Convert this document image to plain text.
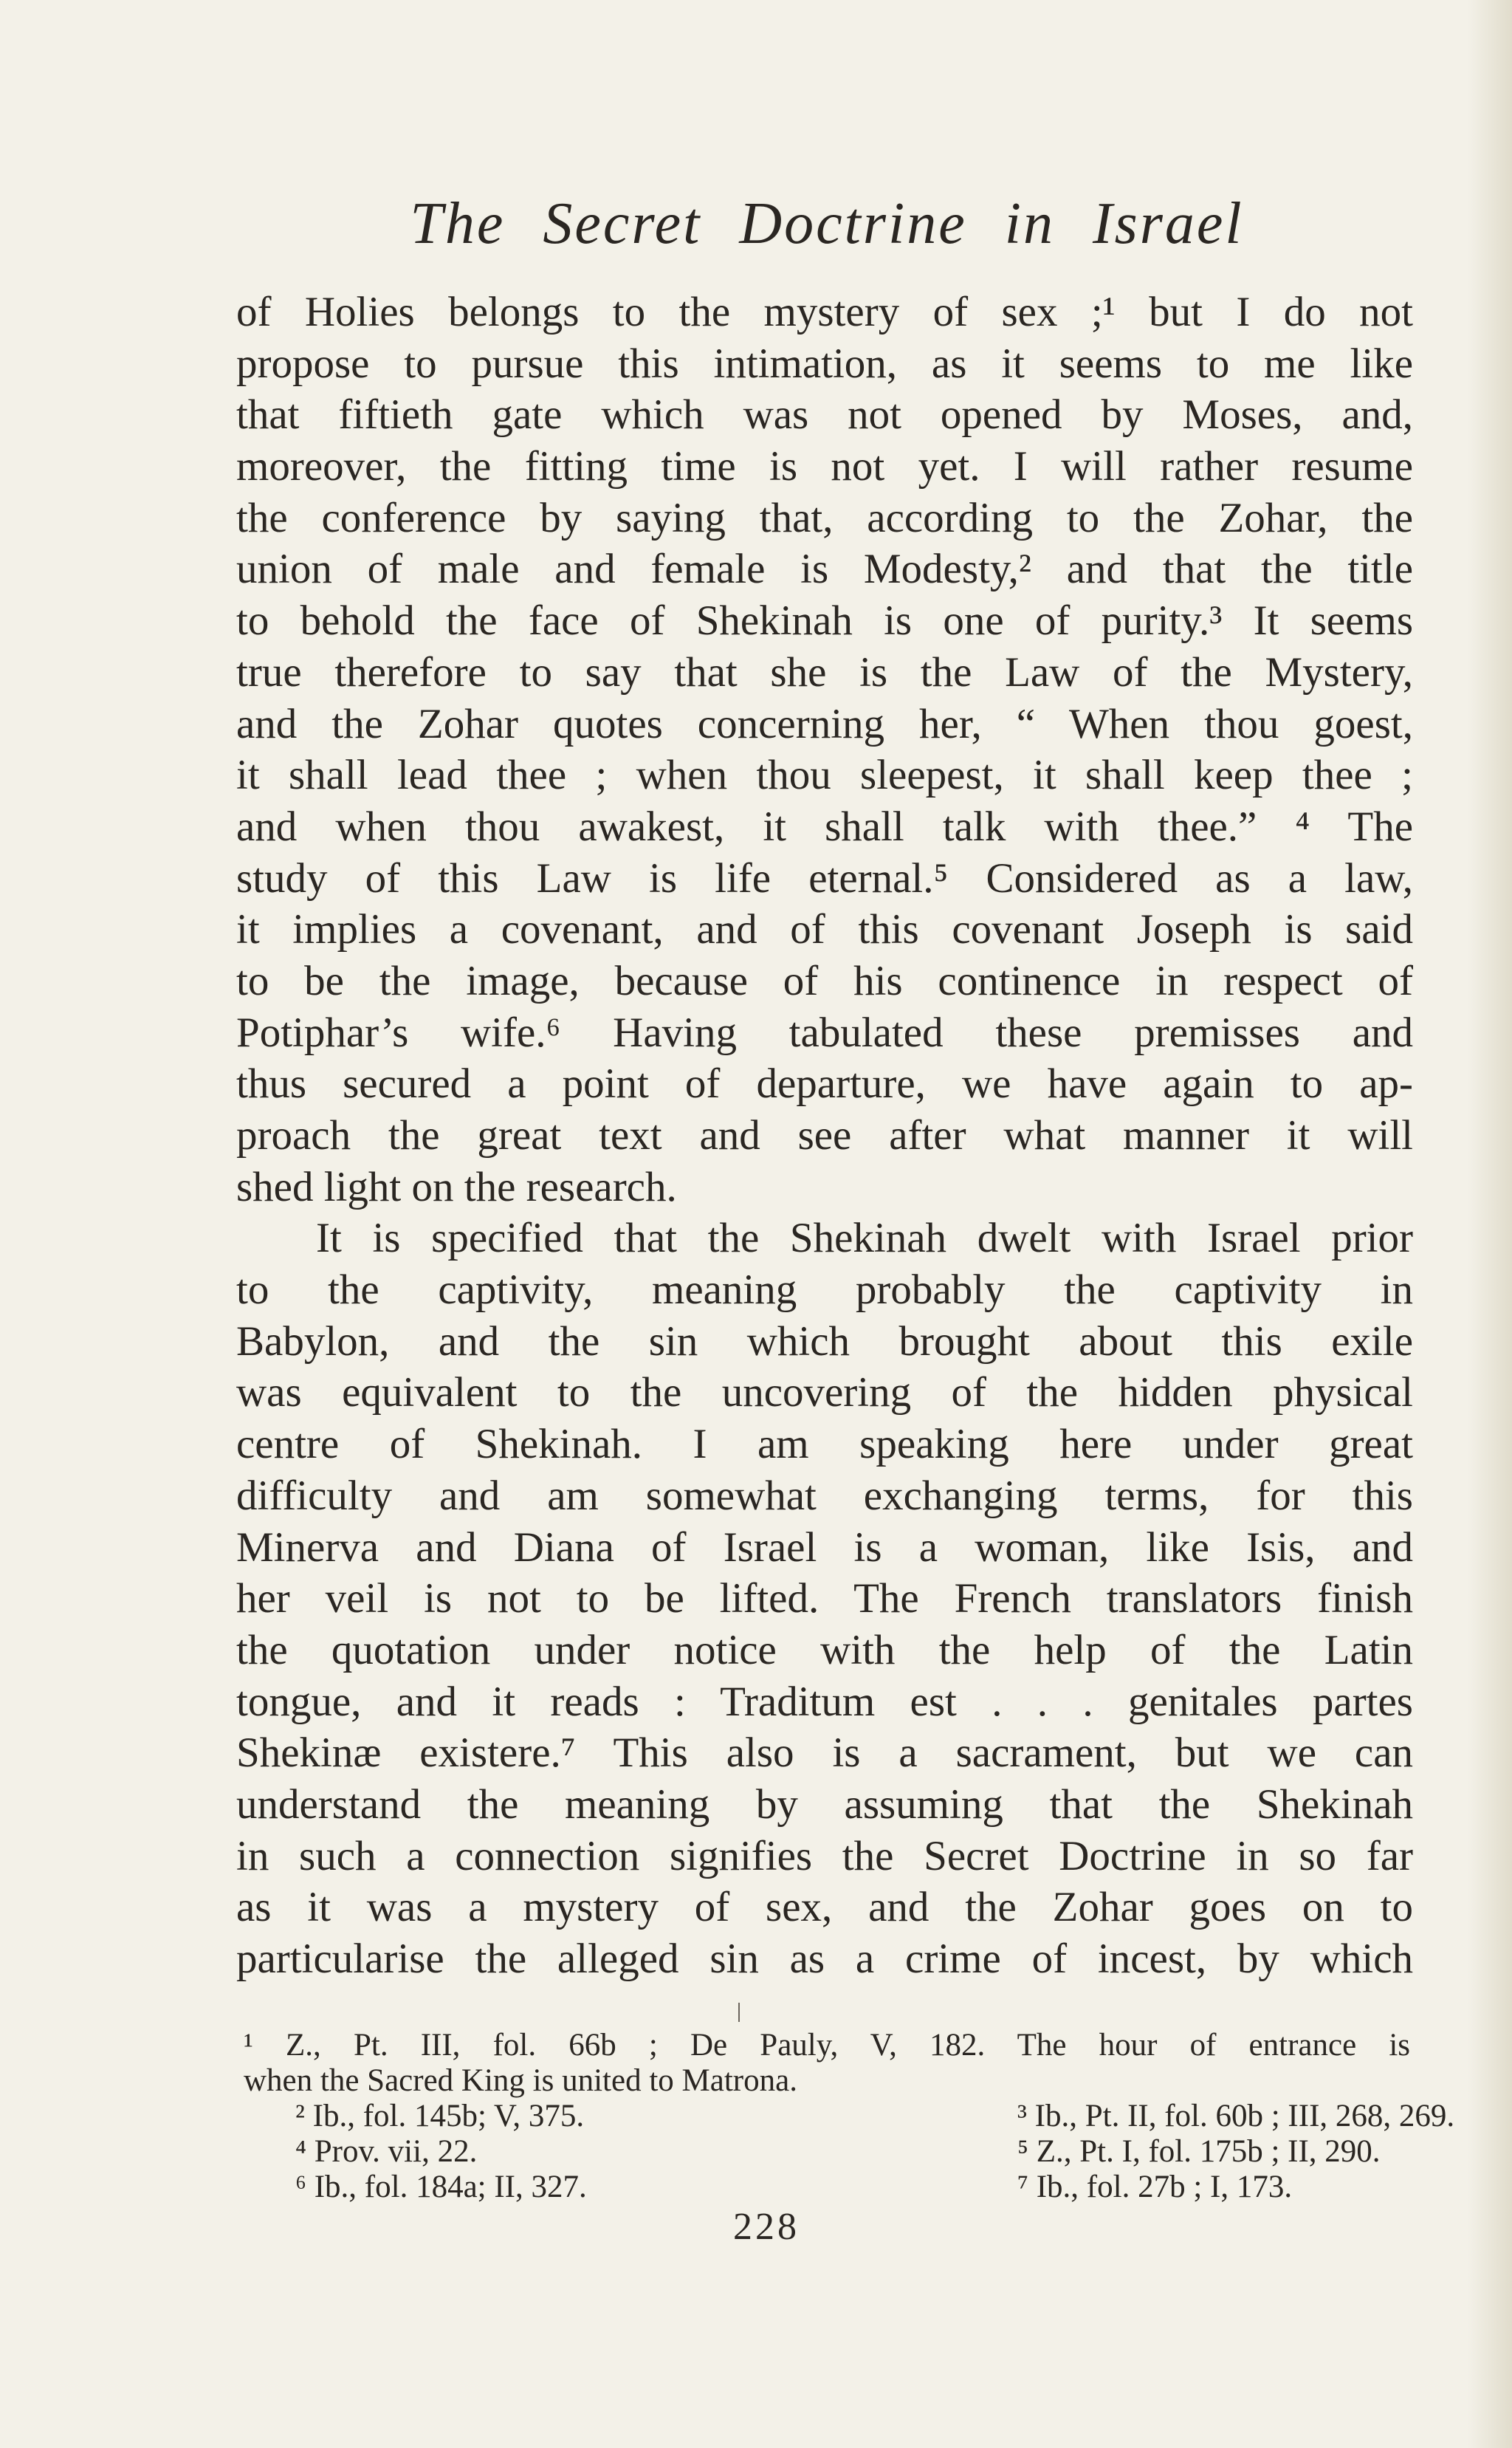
The Secret Doctrine in Israel
of Holies belongs to the mystery of sex ;¹ but I do not
propose to pursue this intimation, as it seems to me like
that fiftieth gate which was not opened by Moses, and,
moreover, the fitting time is not yet. I will rather resume
the conference by saying that, according to the Zohar, the
union of male and female is Modesty,² and that the title
to behold the face of Shekinah is one of purity.³ It seems
true therefore to say that she is the Law of the Mystery,
and the Zohar quotes concerning her, “ When thou goest,
it shall lead thee ; when thou sleepest, it shall keep thee ;
and when thou awakest, it shall talk with thee.” ⁴ The
study of this Law is life eternal.⁵ Considered as a law,
it implies a covenant, and of this covenant Joseph is said
to be the image, because of his continence in respect of
Potiphar’s wife.⁶ Having tabulated these premisses and
thus secured a point of departure, we have again to ap-
proach the great text and see after what manner it will
shed light on the research.
It is specified that the Shekinah dwelt with Israel prior
to the captivity, meaning probably the captivity in
Babylon, and the sin which brought about this exile
was equivalent to the uncovering of the hidden physical
centre of Shekinah. I am speaking here under great
difficulty and am somewhat exchanging terms, for this
Minerva and Diana of Israel is a woman, like Isis, and
her veil is not to be lifted. The French translators finish
the quotation under notice with the help of the Latin
tongue, and it reads : Traditum est . . . genitales partes
Shekinæ existere.⁷ This also is a sacrament, but we can
understand the meaning by assuming that the Shekinah
in such a connection signifies the Secret Doctrine in so far
as it was a mystery of sex, and the Zohar goes on to
particularise the alleged sin as a crime of incest, by which
¹ Z., Pt. III, fol. 66b ; De Pauly, V, 182. The hour of entrance is
when the Sacred King is united to Matrona.
² Ib., fol. 145b; V, 375.	³ Ib., Pt. II, fol. 60b ; III, 268, 269.
⁴ Prov. vii, 22.	⁵ Z., Pt. I, fol. 175b ; II, 290.
⁶ Ib., fol. 184a; II, 327.	⁷ Ib., fol. 27b ; I, 173.
228
